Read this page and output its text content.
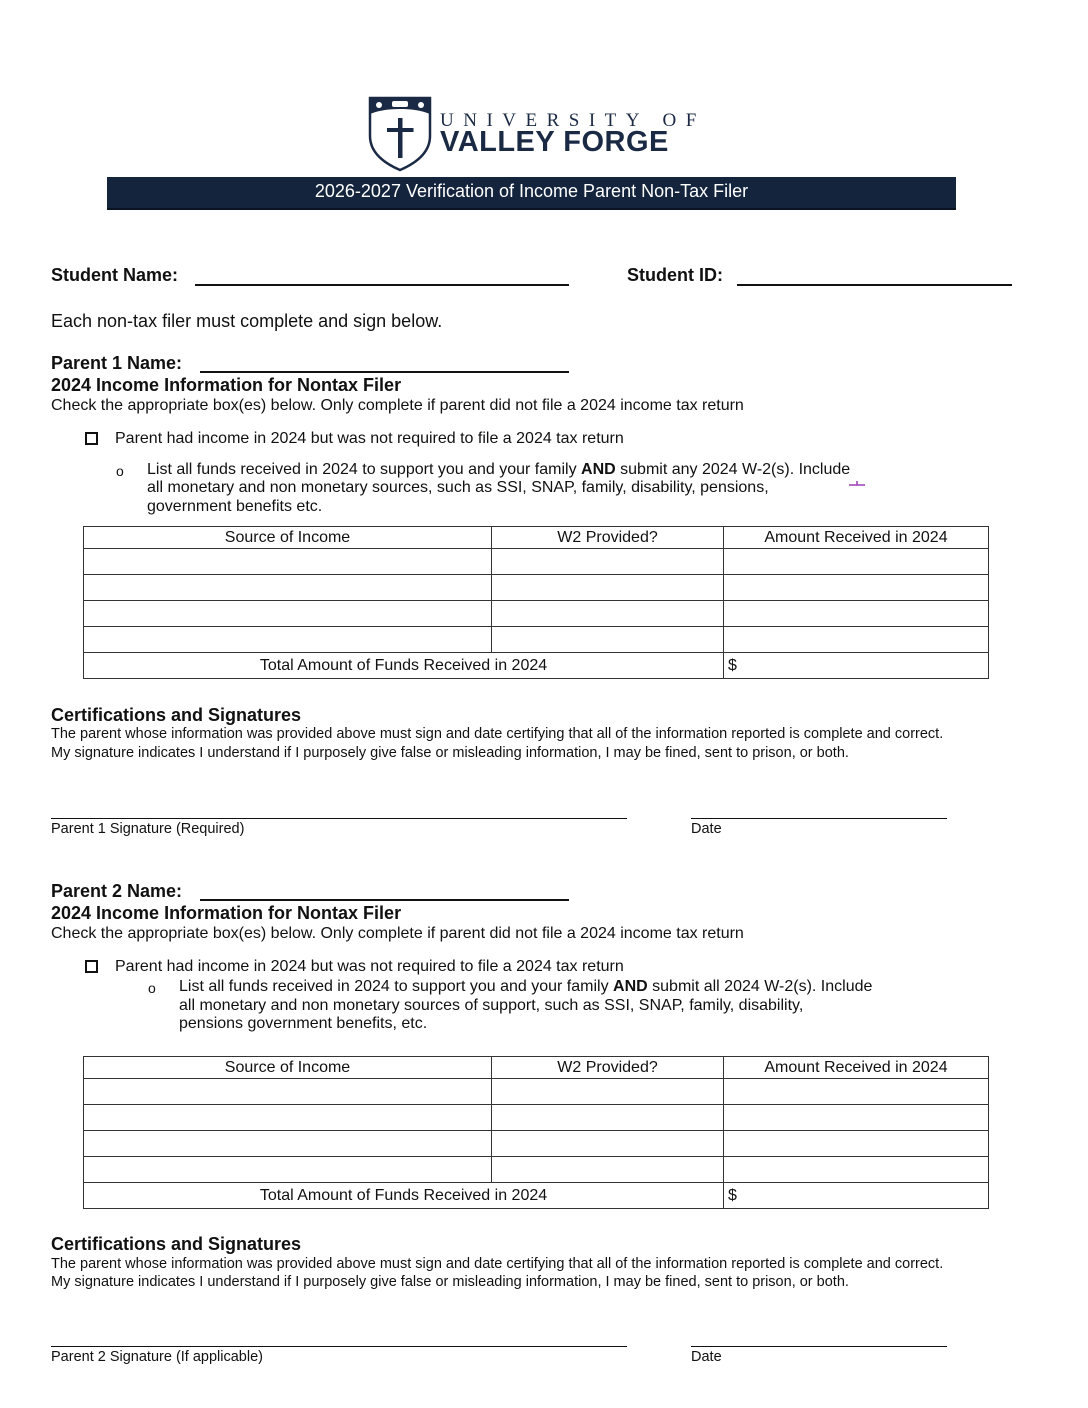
UNIVERSITY OF
VALLEY FORGE
2026-2027 Verification of Income Parent Non-Tax Filer
Student Name:	Student ID:
Each non-tax filer must complete and sign below.
Parent 1 Name:
2024 Income Information for Nontax Filer
Check the appropriate box(es) below. Only complete if parent did not file a 2024 income tax return
Parent had income in 2024 but was not required to file a 2024 tax return
o List all funds received in 2024 to support you and your family AND submit any 2024 W-2(s). Include
all monetary and non monetary sources, such as SSI, SNAP, family, disability, pensions,
government benefits etc.
Source of Income	W2 Provided?	Amount Received in 2024

Total Amount of Funds Received in 2024		$
Certifications and Signatures
The parent whose information was provided above must sign and date certifying that all of the information reported is complete and correct.
My signature indicates I understand if I purposely give false or misleading information, I may be fined, sent to prison, or both.
Parent 1 Signature (Required)	Date
Parent 2 Name:
2024 Income Information for Nontax Filer
Check the appropriate box(es) below. Only complete if parent did not file a 2024 income tax return
Parent had income in 2024 but was not required to file a 2024 tax return
o List all funds received in 2024 to support you and your family AND submit all 2024 W-2(s). Include
all monetary and non monetary sources of support, such as SSI, SNAP, family, disability,
pensions government benefits, etc.
Source of Income	W2 Provided?	Amount Received in 2024

Total Amount of Funds Received in 2024		$
Certifications and Signatures
The parent whose information was provided above must sign and date certifying that all of the information reported is complete and correct.
My signature indicates I understand if I purposely give false or misleading information, I may be fined, sent to prison, or both.
Parent 2 Signature (If applicable)	Date
